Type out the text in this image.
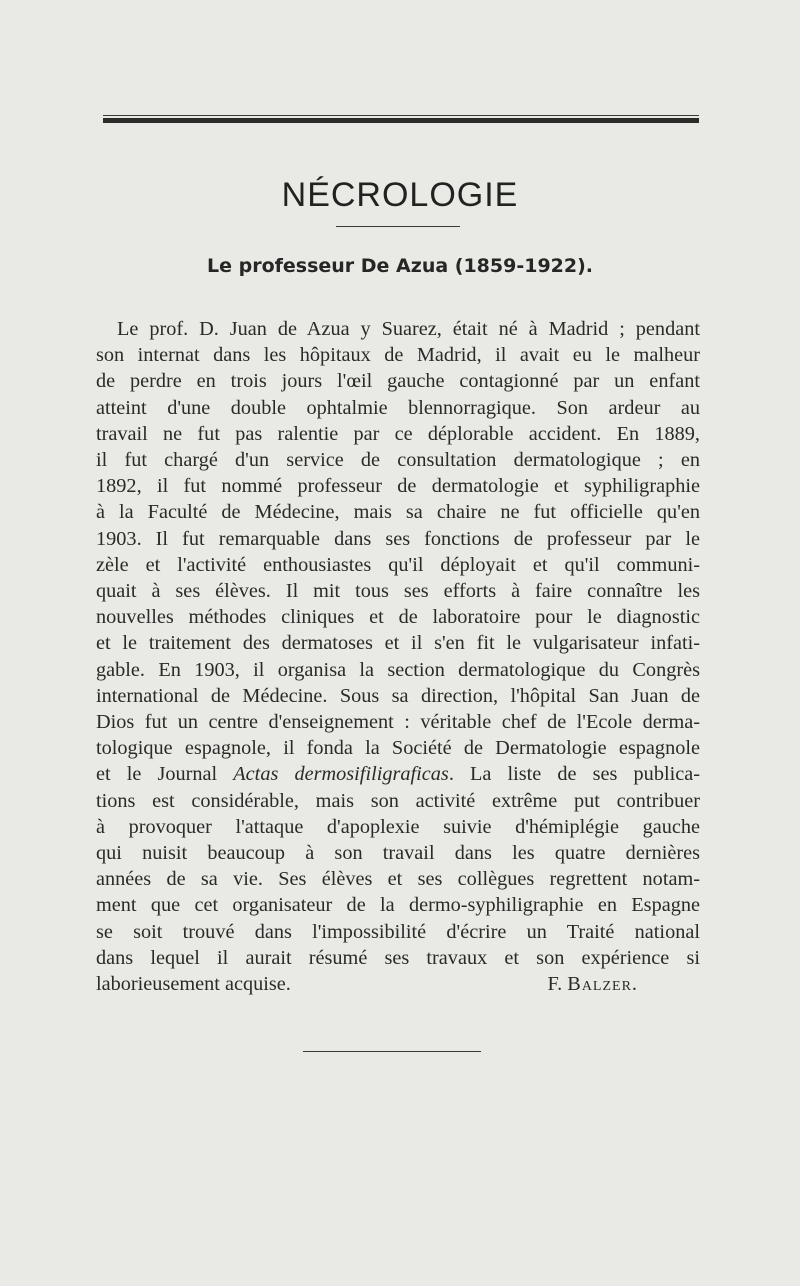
NÉCROLOGIE
Le professeur De Azua (1859-1922).
Le prof. D. Juan de Azua y Suarez, était né à Madrid ; pendant
son internat dans les hôpitaux de Madrid, il avait eu le malheur
de perdre en trois jours l'œil gauche contagionné par un enfant
atteint d'une double ophtalmie blennorragique. Son ardeur au
travail ne fut pas ralentie par ce déplorable accident. En 1889,
il fut chargé d'un service de consultation dermatologique ; en
1892, il fut nommé professeur de dermatologie et syphiligraphie
à la Faculté de Médecine, mais sa chaire ne fut officielle qu'en
1903. Il fut remarquable dans ses fonctions de professeur par le
zèle et l'activité enthousiastes qu'il déployait et qu'il communi-
quait à ses élèves. Il mit tous ses efforts à faire connaître les
nouvelles méthodes cliniques et de laboratoire pour le diagnostic
et le traitement des dermatoses et il s'en fit le vulgarisateur infati-
gable. En 1903, il organisa la section dermatologique du Congrès
international de Médecine. Sous sa direction, l'hôpital San Juan de
Dios fut un centre d'enseignement : véritable chef de l'Ecole derma-
tologique espagnole, il fonda la Société de Dermatologie espagnole
et le Journal Actas dermosifiligraficas. La liste de ses publica-
tions est considérable, mais son activité extrême put contribuer
à provoquer l'attaque d'apoplexie suivie d'hémiplégie gauche
qui nuisit beaucoup à son travail dans les quatre dernières
années de sa vie. Ses élèves et ses collègues regrettent notam-
ment que cet organisateur de la dermo-syphiligraphie en Espagne
se soit trouvé dans l'impossibilité d'écrire un Traité national
dans lequel il aurait résumé ses travaux et son expérience si
laborieusement acquise.	F. Balzer.
